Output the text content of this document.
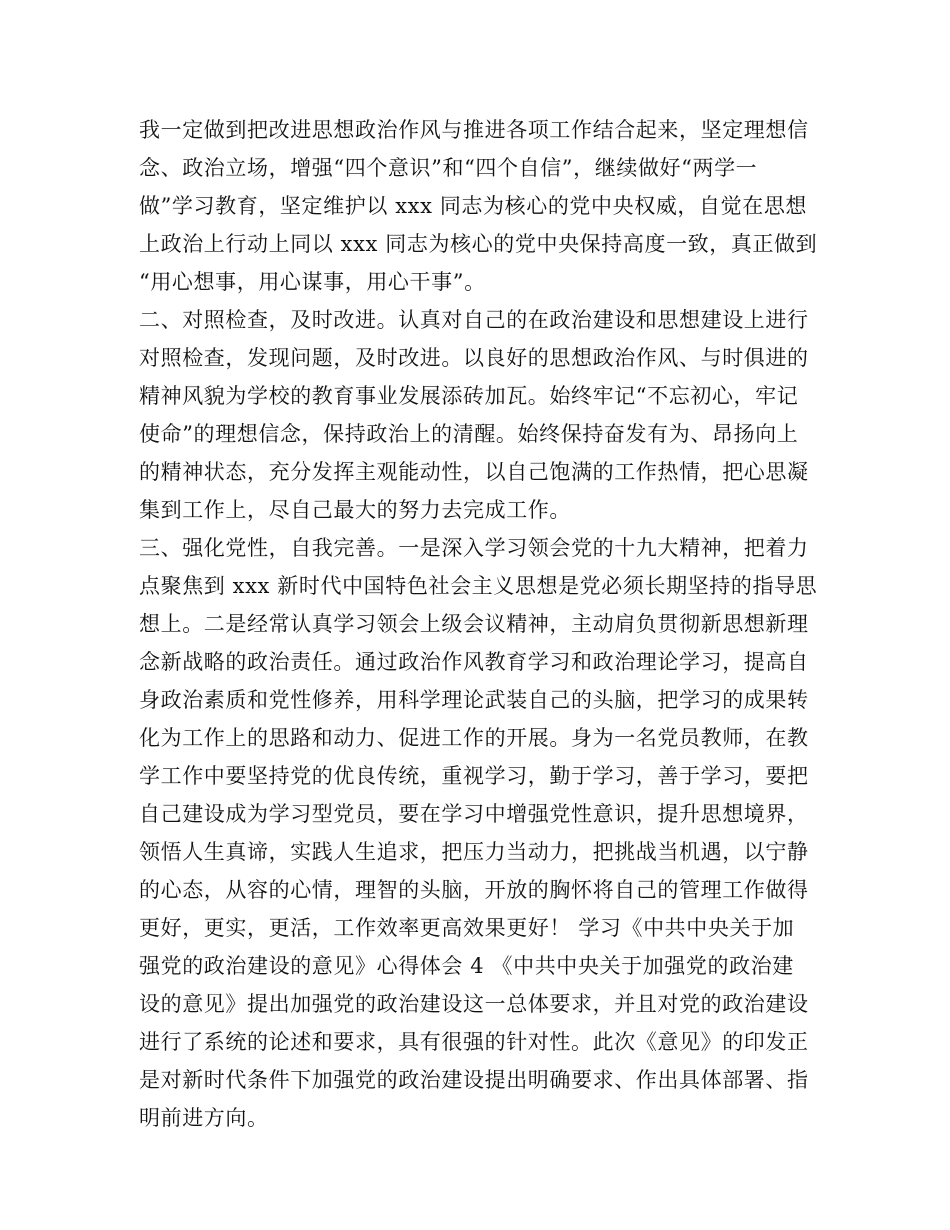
我一定做到把改进思想政治作风与推进各项工作结合起来，坚定理想信
念、政治立场，增强“四个意识”和“四个自信”，继续做好“两学一
做”学习教育，坚定维护以 xxx 同志为核心的党中央权威，自觉在思想
上政治上行动上同以 xxx 同志为核心的党中央保持高度一致，真正做到
“用心想事，用心谋事，用心干事”。
二、对照检查，及时改进。认真对自己的在政治建设和思想建设上进行
对照检查，发现问题，及时改进。以良好的思想政治作风、与时俱进的
精神风貌为学校的教育事业发展添砖加瓦。始终牢记“不忘初心，牢记
使命”的理想信念，保持政治上的清醒。始终保持奋发有为、昂扬向上
的精神状态，充分发挥主观能动性，以自己饱满的工作热情，把心思凝
集到工作上，尽自己最大的努力去完成工作。
三、强化党性，自我完善。一是深入学习领会党的十九大精神，把着力
点聚焦到 xxx 新时代中国特色社会主义思想是党必须长期坚持的指导思
想上。二是经常认真学习领会上级会议精神，主动肩负贯彻新思想新理
念新战略的政治责任。通过政治作风教育学习和政治理论学习，提高自
身政治素质和党性修养，用科学理论武装自己的头脑，把学习的成果转
化为工作上的思路和动力、促进工作的开展。身为一名党员教师，在教
学工作中要坚持党的优良传统，重视学习，勤于学习，善于学习，要把
自己建设成为学习型党员，要在学习中增强党性意识，提升思想境界，
领悟人生真谛，实践人生追求，把压力当动力，把挑战当机遇，以宁静
的心态，从容的心情，理智的头脑，开放的胸怀将自己的管理工作做得
更好，更实，更活，工作效率更高效果更好！ 学习《中共中央关于加
强党的政治建设的意见》心得体会 4 《中共中央关于加强党的政治建
设的意见》提出加强党的政治建设这一总体要求，并且对党的政治建设
进行了系统的论述和要求，具有很强的针对性。此次《意见》的印发正
是对新时代条件下加强党的政治建设提出明确要求、作出具体部署、指
明前进方向。
